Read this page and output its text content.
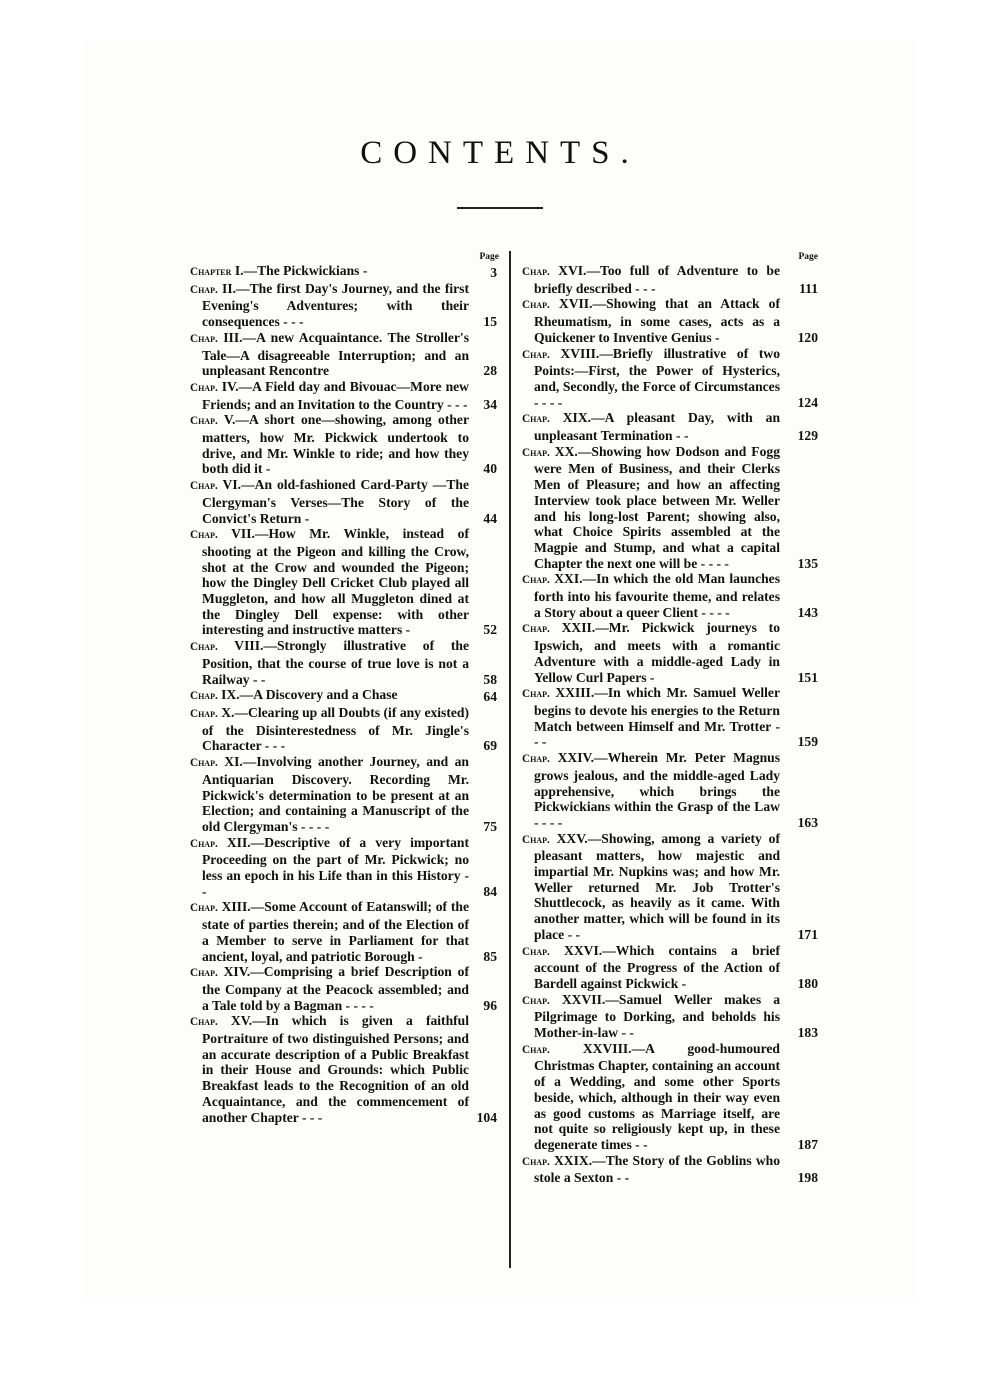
CONTENTS.
Page
Chapter I.—The Pickwickians -	3
Chap. II.—The first Day's Journey, and the first Evening's Adventures; with their consequences - - -	15
Chap. III.—A new Acquaintance. The Stroller's Tale—A disagreeable Interruption; and an unpleasant Rencontre	28
Chap. IV.—A Field day and Bivouac—More new Friends; and an Invitation to the Country - - - 34
Chap. V.—A short one—showing, among other matters, how Mr. Pickwick undertook to drive, and Mr. Winkle to ride; and how they both did it -	40
Chap. VI.—An old-fashioned Card-Party —The Clergyman's Verses—The Story of the Convict's Return -	44
Chap. VII.—How Mr. Winkle, instead of shooting at the Pigeon and killing the Crow, shot at the Crow and wounded the Pigeon; how the Dingley Dell Cricket Club played all Muggleton, and how all Muggleton dined at the Dingley Dell expense: with other interesting and instructive matters -	52
Chap. VIII.—Strongly illustrative of the Position, that the course of true love is not a Railway - -	58
Chap. IX.—A Discovery and a Chase	64
Chap. X.—Clearing up all Doubts (if any existed) of the Disinterestedness of Mr. Jingle's Character - - -	69
Chap. XI.—Involving another Journey, and an Antiquarian Discovery. Recording Mr. Pickwick's determination to be present at an Election; and containing a Manuscript of the old Clergyman's - - - -	75
Chap. XII.—Descriptive of a very important Proceeding on the part of Mr. Pickwick; no less an epoch in his Life than in this History - -	84
Chap. XIII.—Some Account of Eatanswill; of the state of parties therein; and of the Election of a Member to serve in Parliament for that ancient, loyal, and patriotic Borough -	85
Chap. XIV.—Comprising a brief Description of the Company at the Peacock assembled; and a Tale told by a Bagman - - - -	96
Chap. XV.—In which is given a faithful Portraiture of two distinguished Persons; and an accurate description of a Public Breakfast in their House and Grounds: which Public Breakfast leads to the Recognition of an old Acquaintance, and the commencement of another Chapter - - -	104
Page
Chap. XVI.—Too full of Adventure to be briefly described - - -	111
Chap. XVII.—Showing that an Attack of Rheumatism, in some cases, acts as a Quickener to Inventive Genius -	120
Chap. XVIII.—Briefly illustrative of two Points:—First, the Power of Hysterics, and, Secondly, the Force of Circumstances - - - -	124
Chap. XIX.—A pleasant Day, with an unpleasant Termination - -	129
Chap. XX.—Showing how Dodson and Fogg were Men of Business, and their Clerks Men of Pleasure; and how an affecting Interview took place between Mr. Weller and his long-lost Parent; showing also, what Choice Spirits assembled at the Magpie and Stump, and what a capital Chapter the next one will be - - - -	135
Chap. XXI.—In which the old Man launches forth into his favourite theme, and relates a Story about a queer Client - - - -	143
Chap. XXII.—Mr. Pickwick journeys to Ipswich, and meets with a romantic Adventure with a middle-aged Lady in Yellow Curl Papers -	151
Chap. XXIII.—In which Mr. Samuel Weller begins to devote his energies to the Return Match between Himself and Mr. Trotter - - -	159
Chap. XXIV.—Wherein Mr. Peter Magnus grows jealous, and the middle-aged Lady apprehensive, which brings the Pickwickians within the Grasp of the Law - - - -	163
Chap. XXV.—Showing, among a variety of pleasant matters, how majestic and impartial Mr. Nupkins was; and how Mr. Weller returned Mr. Job Trotter's Shuttlecock, as heavily as it came. With another matter, which will be found in its place - -	171
Chap. XXVI.—Which contains a brief account of the Progress of the Action of Bardell against Pickwick -	180
Chap. XXVII.—Samuel Weller makes a Pilgrimage to Dorking, and beholds his Mother-in-law - -	183
Chap. XXVIII.—A good-humoured Christmas Chapter, containing an account of a Wedding, and some other Sports beside, which, although in their way even as good customs as Marriage itself, are not quite so religiously kept up, in these degenerate times - -	187
Chap. XXIX.—The Story of the Goblins who stole a Sexton - -	198
